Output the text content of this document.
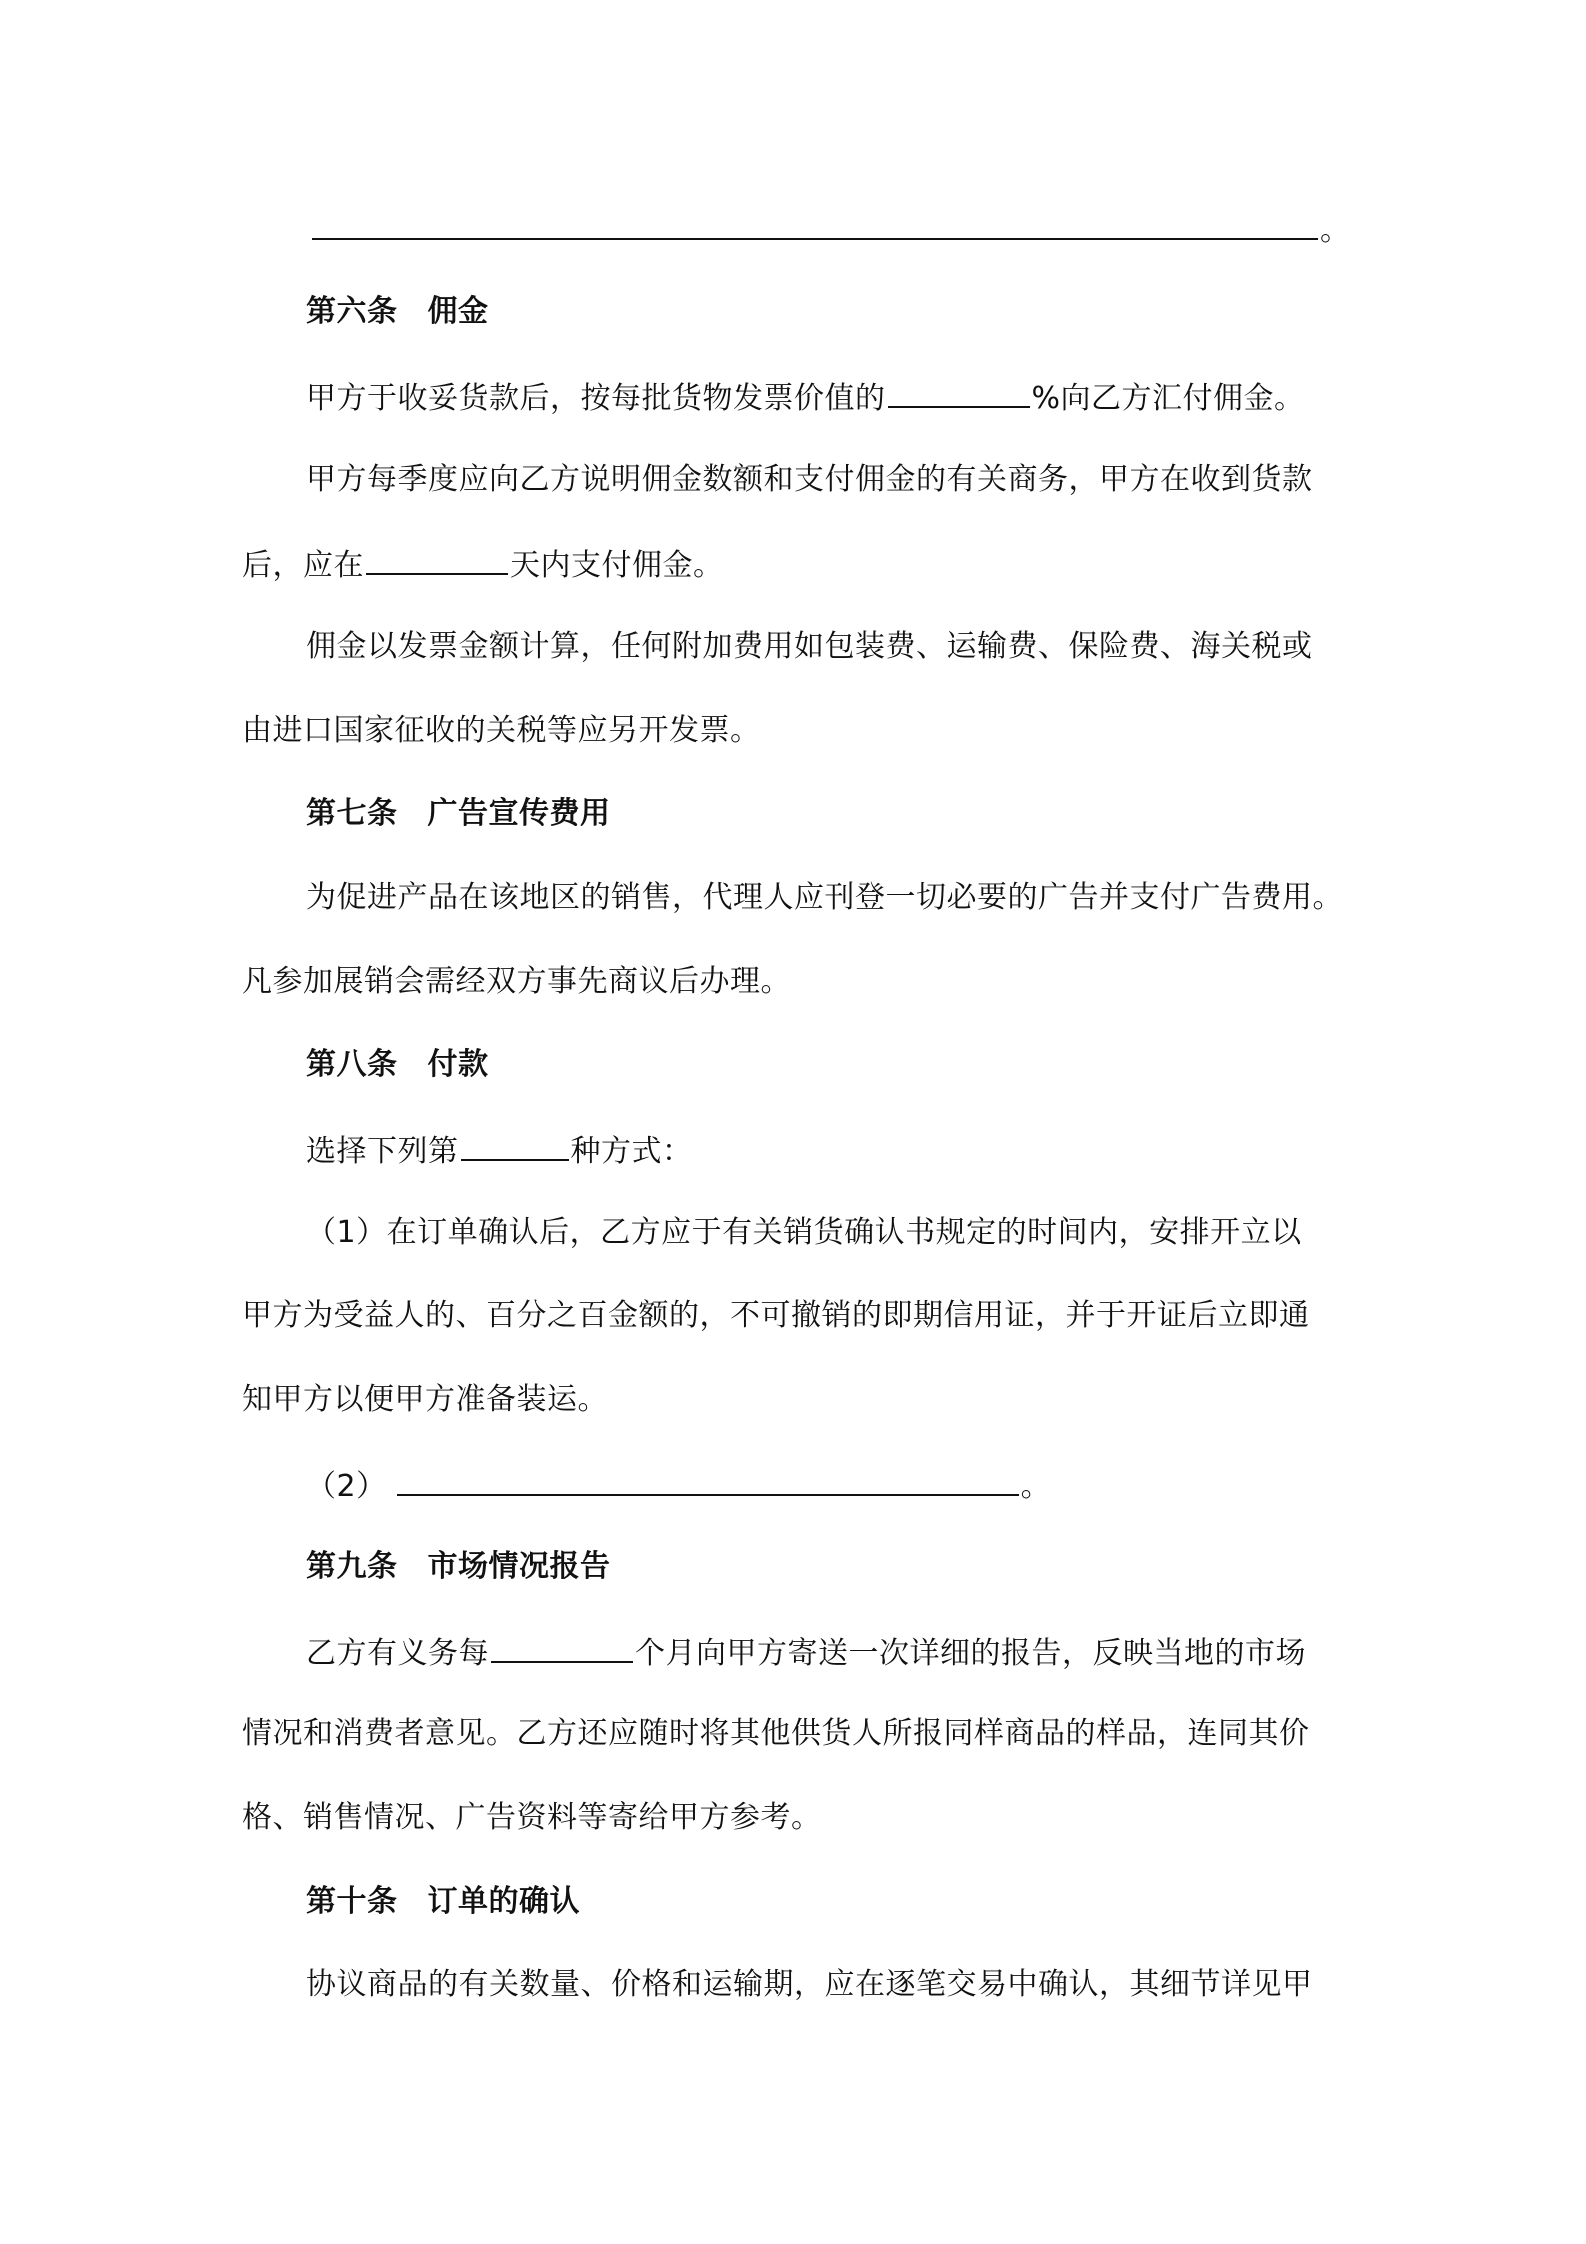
。
第六条 佣金
甲方于收妥货款后，按每批货物发票价值的	%向乙方汇付佣金。
甲方每季度应向乙方说明佣金数额和支付佣金的有关商务，甲方在收到货款
后，应在	天内支付佣金。
佣金以发票金额计算，任何附加费用如包装费、运输费、保险费、海关税或
由进口国家征收的关税等应另开发票。
第七条 广告宣传费用
为促进产品在该地区的销售，代理人应刊登一切必要的广告并支付广告费用。
凡参加展销会需经双方事先商议后办理。
第八条 付款
选择下列第	种方式：
（1）在订单确认后，乙方应于有关销货确认书规定的时间内，安排开立以
甲方为受益人的、百分之百金额的，不可撤销的即期信用证，并于开证后立即通
知甲方以便甲方准备装运。
（2）	。
第九条 市场情况报告
乙方有义务每	个月向甲方寄送一次详细的报告，反映当地的市场
情况和消费者意见。乙方还应随时将其他供货人所报同样商品的样品，连同其价
格、销售情况、广告资料等寄给甲方参考。
第十条 订单的确认
协议商品的有关数量、价格和运输期，应在逐笔交易中确认，其细节详见甲
